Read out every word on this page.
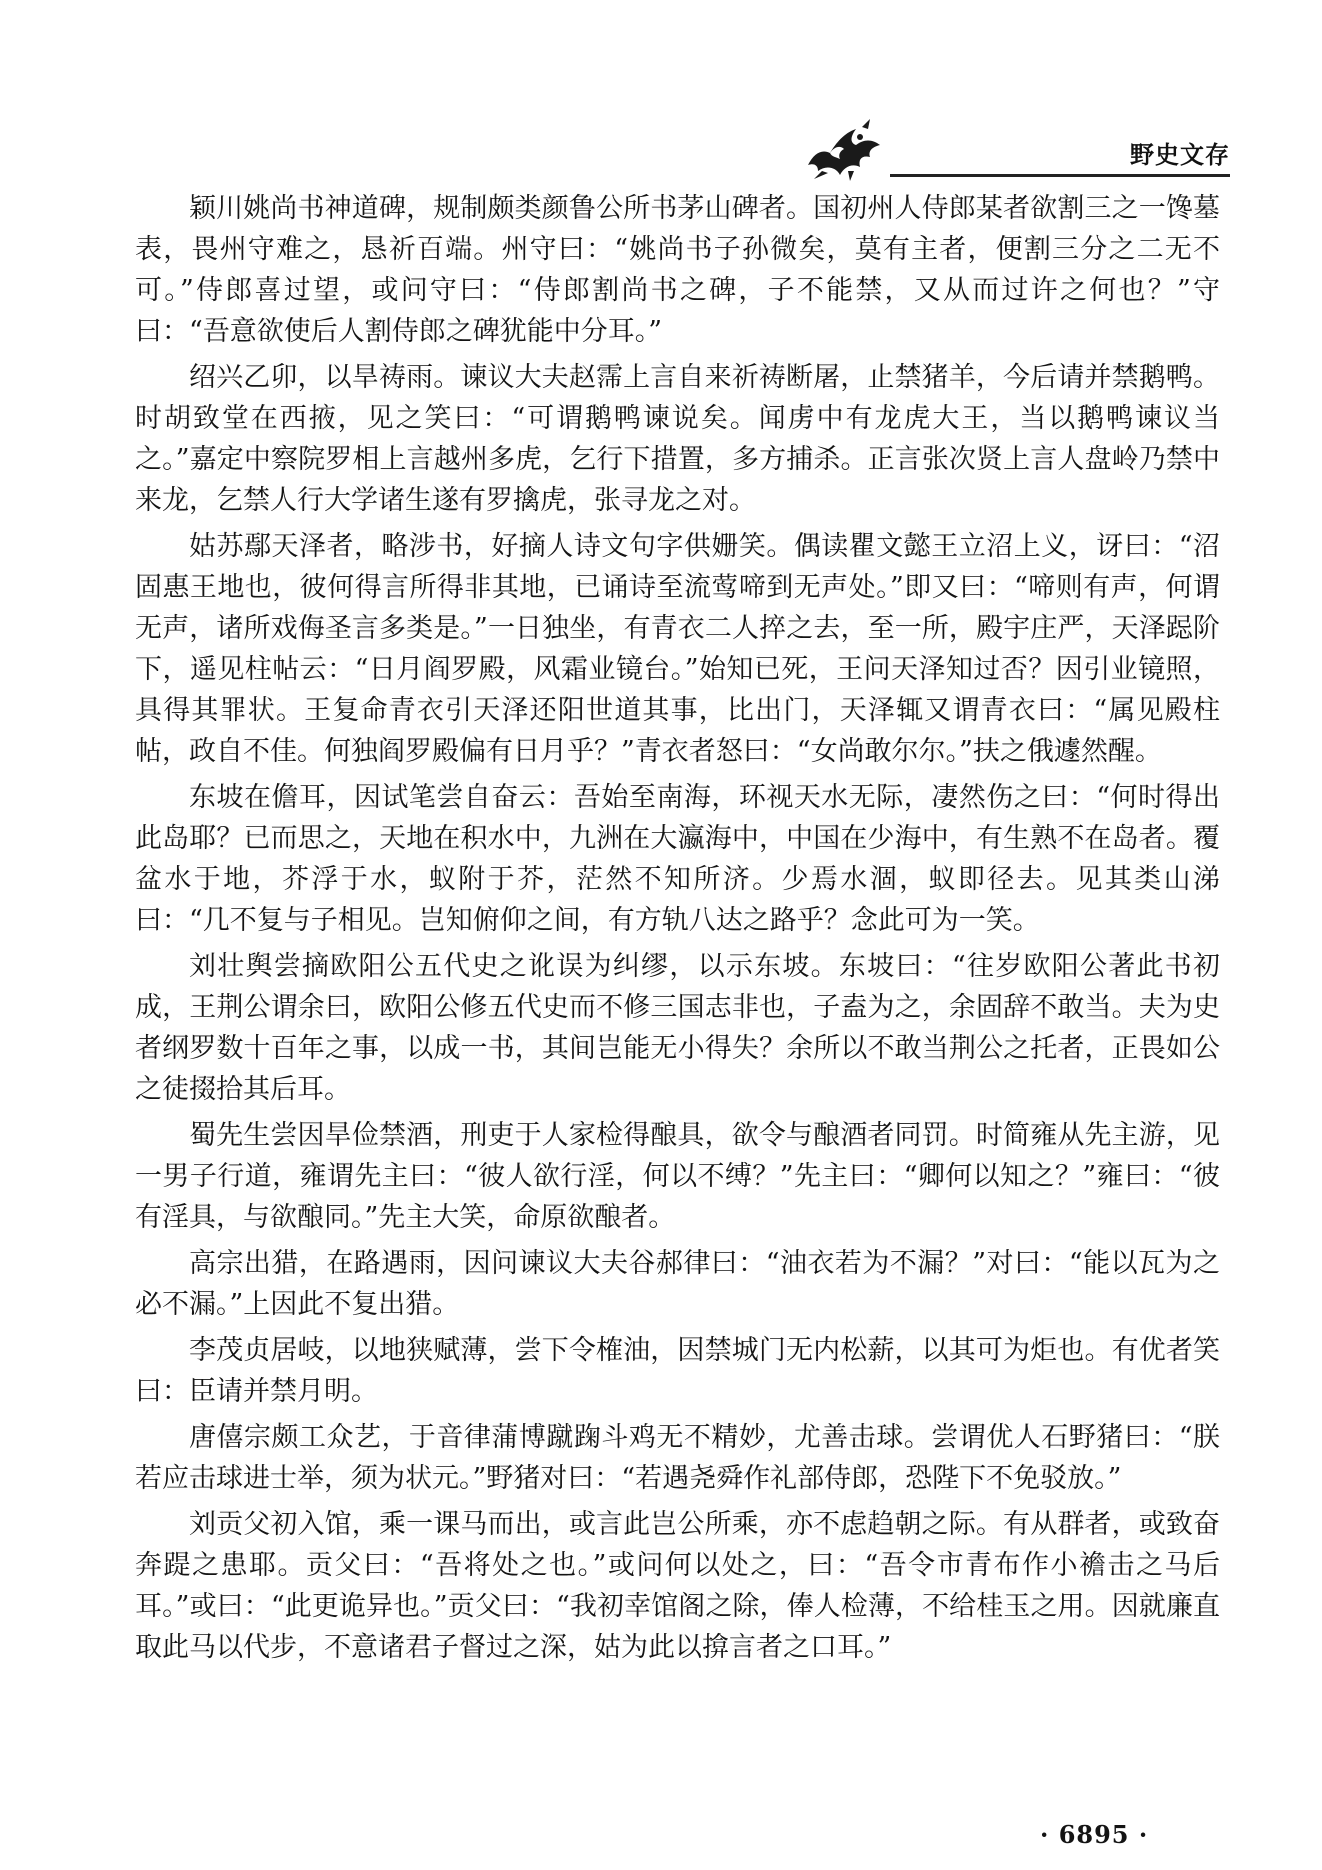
野史文存

颖川姚尚书神道碑，规制颇类颜鲁公所书茅山碑者。国初州人侍郎某者欲割三之一馋墓表，畏州守难之，恳祈百端。州守曰：“姚尚书子孙微矣，莫有主者，便割三分之二无不可。”侍郎喜过望，或问守曰：“侍郎割尚书之碑，子不能禁，又从而过许之何也？”守曰：“吾意欲使后人割侍郎之碑犹能中分耳。”

绍兴乙卯，以旱祷雨。谏议大夫赵霈上言自来祈祷断屠，止禁猪羊，今后请并禁鹅鸭。时胡致堂在西掖，见之笑曰：“可谓鹅鸭谏说矣。闻虏中有龙虎大王，当以鹅鸭谏议当之。”嘉定中察院罗相上言越州多虎，乞行下措置，多方捕杀。正言张次贤上言人盘岭乃禁中来龙，乞禁人行大学诸生遂有罗擒虎，张寻龙之对。

姑苏鄢天泽者，略涉书，好摘人诗文句字供姗笑。偶读瞿文懿王立沼上义，讶曰：“沼固惠王地也，彼何得言所得非其地，已诵诗至流莺啼到无声处。”即又曰：“啼则有声，何谓无声，诸所戏侮圣言多类是。”一日独坐，有青衣二人捽之去，至一所，殿宇庄严，天泽跽阶下，遥见柱帖云：“日月阎罗殿，风霜业镜台。”始知已死，王问天泽知过否？因引业镜照，具得其罪状。王复命青衣引天泽还阳世道其事，比出门，天泽辄又谓青衣曰：“属见殿柱帖，政自不佳。何独阎罗殿偏有日月乎？”青衣者怒曰：“女尚敢尔尔。”扶之俄遽然醒。

东坡在儋耳，因试笔尝自奋云：吾始至南海，环视天水无际，凄然伤之曰：“何时得出此岛耶？已而思之，天地在积水中，九洲在大瀛海中，中国在少海中，有生熟不在岛者。覆盆水于地，芥浮于水，蚁附于芥，茫然不知所济。少焉水涸，蚁即径去。见其类山涕曰：“几不复与子相见。岂知俯仰之间，有方轨八达之路乎？念此可为一笑。

刘壮舆尝摘欧阳公五代史之讹误为纠缪，以示东坡。东坡曰：“往岁欧阳公著此书初成，王荆公谓余曰，欧阳公修五代史而不修三国志非也，子盍为之，余固辞不敢当。夫为史者纲罗数十百年之事，以成一书，其间岂能无小得失？余所以不敢当荆公之托者，正畏如公之徒掇拾其后耳。

蜀先生尝因旱俭禁酒，刑吏于人家检得酿具，欲令与酿酒者同罚。时简雍从先主游，见一男子行道，雍谓先主曰：“彼人欲行淫，何以不缚？”先主曰：“卿何以知之？”雍曰：“彼有淫具，与欲酿同。”先主大笑，命原欲酿者。

高宗出猎，在路遇雨，因问谏议大夫谷郝律曰：“油衣若为不漏？”对曰：“能以瓦为之必不漏。”上因此不复出猎。

李茂贞居岐，以地狭赋薄，尝下令榷油，因禁城门无内松薪，以其可为炬也。有优者笑曰：臣请并禁月明。

唐僖宗颇工众艺，于音律蒲博蹴踘斗鸡无不精妙，尤善击球。尝谓优人石野猪曰：“朕若应击球进士举，须为状元。”野猪对曰：“若遇尧舜作礼部侍郎，恐陛下不免驳放。”

刘贡父初入馆，乘一课马而出，或言此岂公所乘，亦不虑趋朝之际。有从群者，或致奋奔踶之患耶。贡父曰：“吾将处之也。”或问何以处之，曰：“吾令市青布作小襜击之马后耳。”或曰：“此更诡异也。”贡父曰：“我初幸馆阁之除，俸人检薄，不给桂玉之用。因就廉直取此马以代步，不意诸君子督过之深，姑为此以揜言者之口耳。”

· 6895 ·
